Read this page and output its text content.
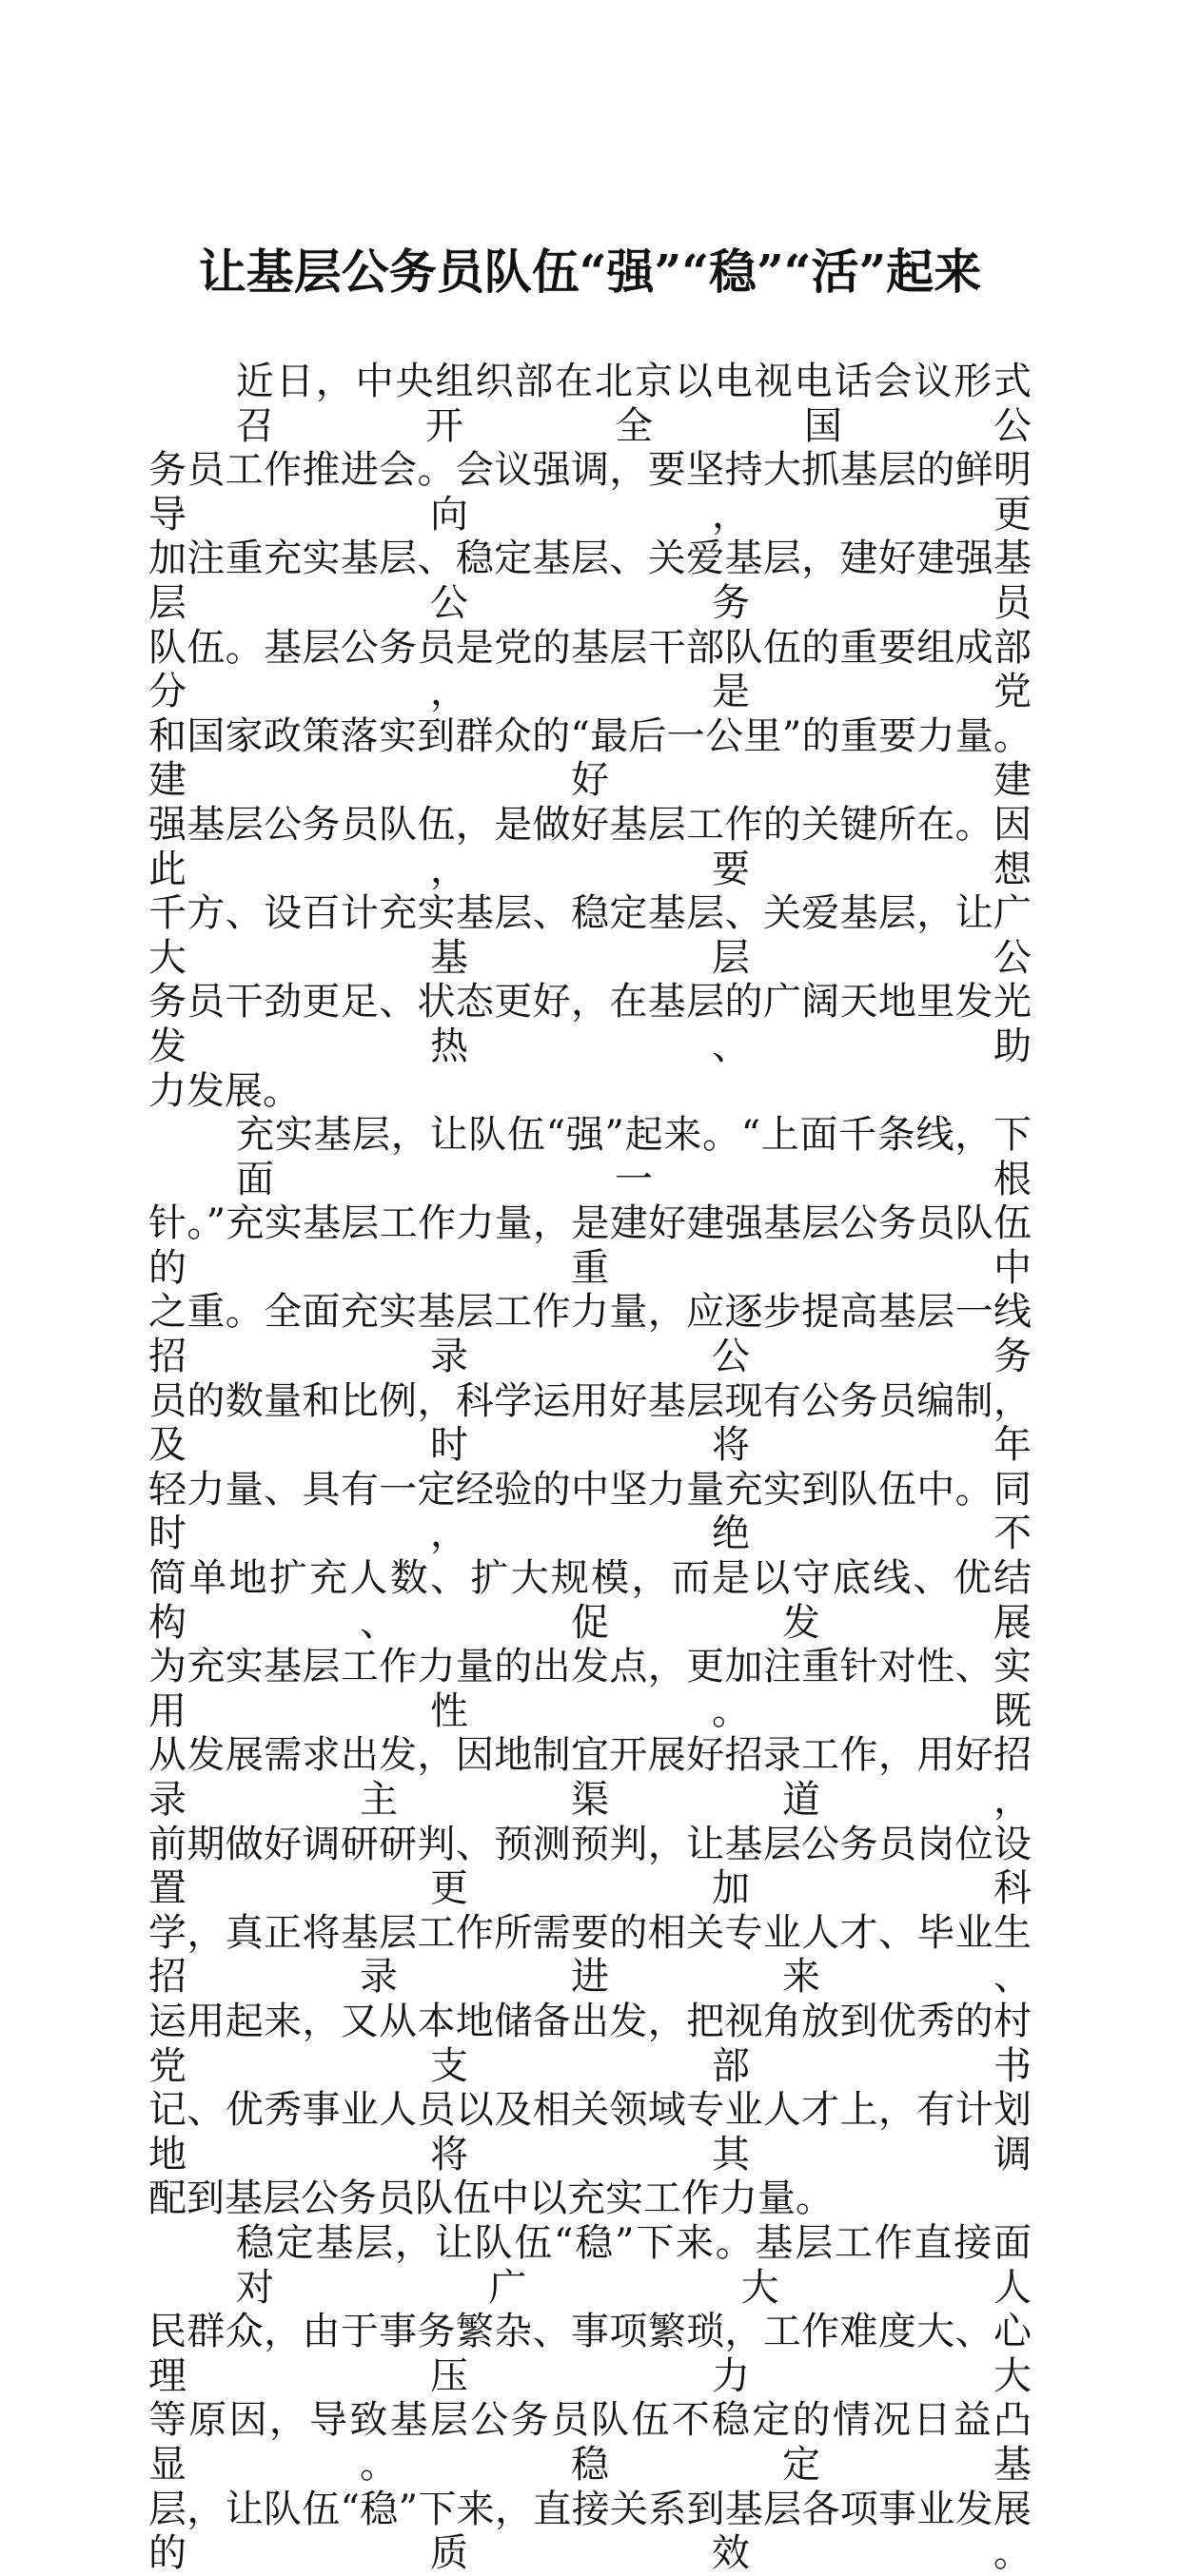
让基层公务员队伍“强”“稳”“活”起来
近日，中央组织部在北京以电视电话会议形式召开全国公
务员工作推进会。会议强调，要坚持大抓基层的鲜明导向，更
加注重充实基层、稳定基层、关爱基层，建好建强基层公务员
队伍。基层公务员是党的基层干部队伍的重要组成部分，是党
和国家政策落实到群众的“最后一公里”的重要力量。建好建
强基层公务员队伍，是做好基层工作的关键所在。因此，要想
千方、设百计充实基层、稳定基层、关爱基层，让广大基层公
务员干劲更足、状态更好，在基层的广阔天地里发光发热、助
力发展。
充实基层，让队伍“强”起来。“上面千条线，下面一根
针。”充实基层工作力量，是建好建强基层公务员队伍的重中
之重。全面充实基层工作力量，应逐步提高基层一线招录公务
员的数量和比例，科学运用好基层现有公务员编制，及时将年
轻力量、具有一定经验的中坚力量充实到队伍中。同时，绝不
简单地扩充人数、扩大规模，而是以守底线、优结构、促发展
为充实基层工作力量的出发点，更加注重针对性、实用性。既
从发展需求出发，因地制宜开展好招录工作，用好招录主渠道，
前期做好调研研判、预测预判，让基层公务员岗位设置更加科
学，真正将基层工作所需要的相关专业人才、毕业生招录进来、
运用起来，又从本地储备出发，把视角放到优秀的村党支部书
记、优秀事业人员以及相关领域专业人才上，有计划地将其调
配到基层公务员队伍中以充实工作力量。
稳定基层，让队伍“稳”下来。基层工作直接面对广大人
民群众，由于事务繁杂、事项繁琐，工作难度大、心理压力大
等原因，导致基层公务员队伍不稳定的情况日益凸显。稳定基
层，让队伍“稳”下来，直接关系到基层各项事业发展的质效。
